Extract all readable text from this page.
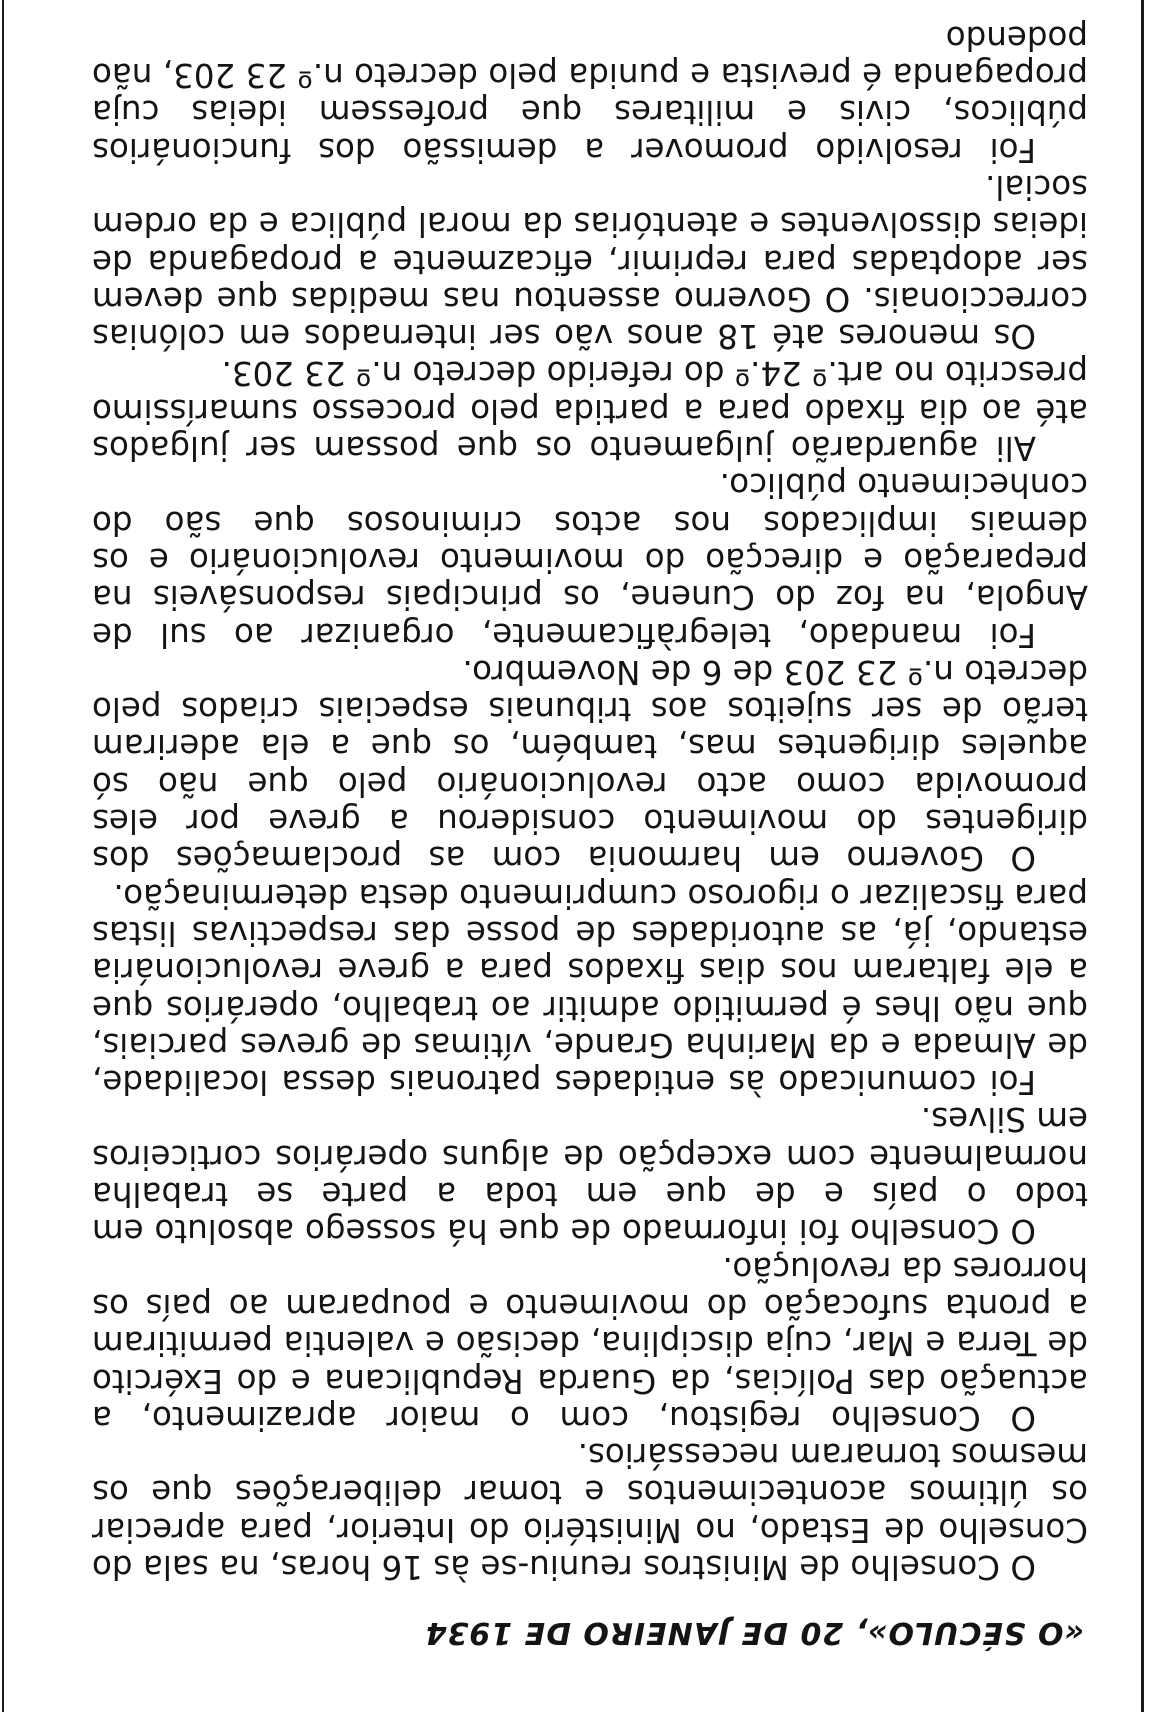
«O SÉCULO», 20 DE JANEIRO DE 1934

O Conselho de Ministros reuniu-se às 16 horas, na sala do Conselho de Estado, no Ministério do Interior, para apreciar os últimos acontecimentos e tomar deliberações que os mesmos tornaram necessários.

O Conselho registou, com o maior aprazimento, a actuação das Polícias, da Guarda Republicana e do Exército de Terra e Mar, cuja disciplina, decisão e valentia permitiram a pronta sufocação do movimento e pouparam ao país os horrores da revolução.

O Conselho foi informado de que há sossego absoluto em todo o país e de que em toda a parte se trabalha normalmente com excepção de alguns operários corticeiros em Silves.

Foi comunicado às entidades patronais dessa localidade, de Almada e da Marinha Grande, vítimas de greves parciais, que não lhes é permitido admitir ao trabalho, operários que a ele faltaram nos dias fixados para a greve revolucionária estando, já, as autoridades de posse das respectivas listas para fiscalizar o rigoroso cumprimento desta determinação.

O Governo em harmonia com as proclamações dos dirigentes do movimento considerou a greve por eles promovida como acto revolucionário pelo que não só aqueles dirigentes mas, também, os que a ela aderiram terão de ser sujeitos aos tribunais especiais criados pelo decreto n.º 23 203 de 6 de Novembro.

Foi mandado, telegràficamente, organizar ao sul de Angola, na foz do Cunene, os principais responsáveis na preparação e direcção do movimento revolucionário e os demais implicados nos actos criminosos que são do conhecimento público.

Ali aguardarão julgamento os que possam ser julgados até ao dia fixado para a partida pelo processo sumaríssimo prescrito no art.º 24.º do referido decreto n.º 23 203.

Os menores até 18 anos vão ser internados em colónias correccionais. O Governo assentou nas medidas que devem ser adoptadas para reprimir, eficazmente a propaganda de ideias dissolventes e atentórias da moral pública e da ordem social.

Foi resolvido promover a demissão dos funcionários públicos, civis e militares que professem ideias cuja propaganda é prevista e punida pelo decreto n.º 23 203, não podendo
